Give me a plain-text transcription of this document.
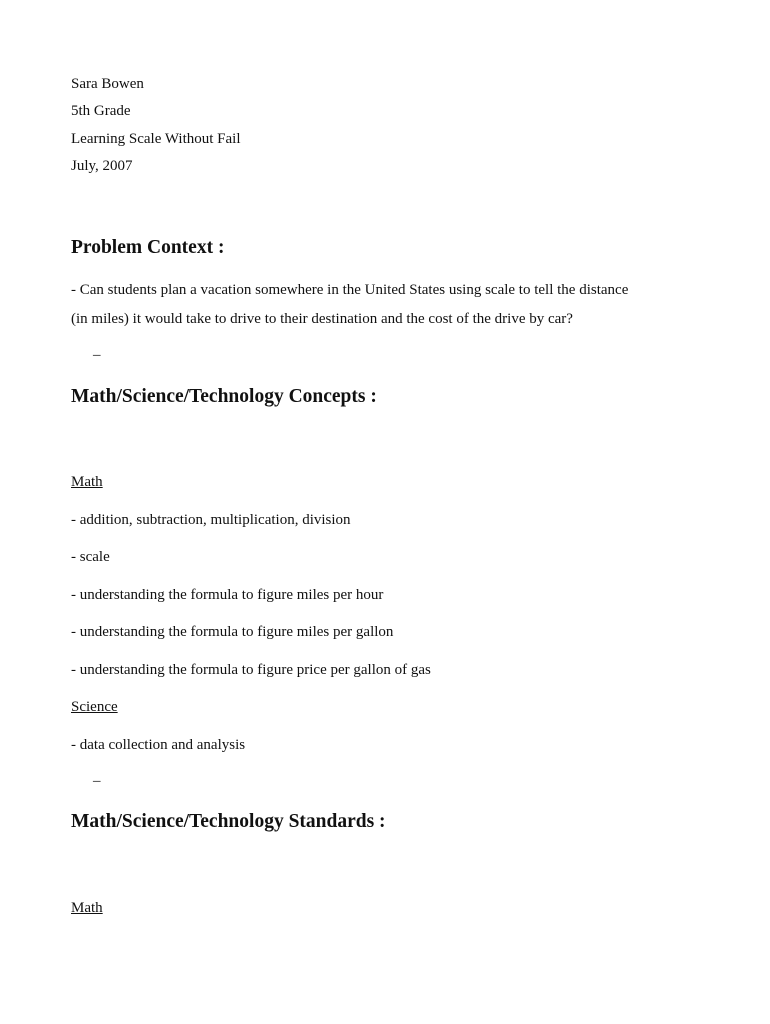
Sara Bowen
5th Grade
Learning Scale Without Fail
July, 2007
Problem Context :
- Can students plan a vacation somewhere in the United States using scale to tell the distance
(in miles) it would take to drive to their destination and the cost of the drive by car?
–
Math/Science/Technology Concepts :
Math
- addition, subtraction, multiplication, division
- scale
- understanding the formula to figure miles per hour
- understanding the formula to figure miles per gallon
- understanding the formula to figure price per gallon of gas
Science
- data collection and analysis
–
Math/Science/Technology Standards :
Math
